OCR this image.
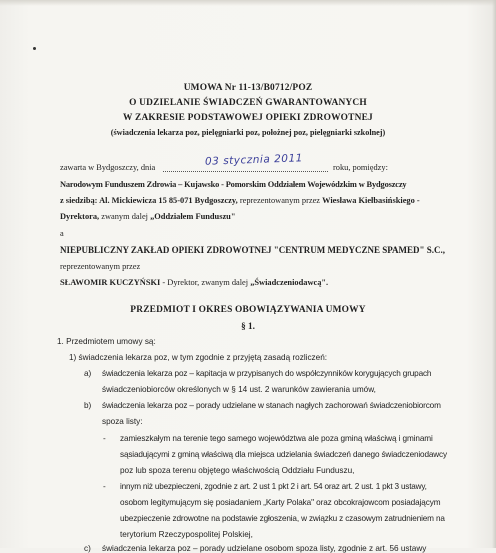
UMOWA Nr 11-13/B0712/POZ
O UDZIELANIE ŚWIADCZEŃ GWARANTOWANYCH
W ZAKRESIE PODSTAWOWEJ OPIEKI ZDROWOTNEJ
(świadczenia lekarza poz, pielęgniarki poz, położnej poz, pielęgniarki szkolnej)
zawarta w Bydgoszczy, dnia	03 stycznia 2011	roku, pomiędzy:
Narodowym Funduszem Zdrowia – Kujawsko - Pomorskim Oddziałem Wojewódzkim w Bydgoszczy
z siedzibą: Al. Mickiewicza 15 85-071 Bydgoszczy, reprezentowanym przez Wiesława Kiełbasińskiego -
Dyrektora, zwanym dalej „Oddziałem Funduszu"
a
NIEPUBLICZNY ZAKŁAD OPIEKI ZDROWOTNEJ "CENTRUM MEDYCZNE SPAMED" S.C.,
reprezentowanym przez
SŁAWOMIR KUCZYŃSKI - Dyrektor, zwanym dalej „Świadczeniodawcą".
PRZEDMIOT I OKRES OBOWIĄZYWANIA UMOWY
§ 1.
1. Przedmiotem umowy są:
1) świadczenia lekarza poz, w tym zgodnie z przyjętą zasadą rozliczeń:
a) świadczenia lekarza poz – kapitacja w przypisanych do współczynników korygujących grupach
świadczeniobiorców określonych w § 14 ust. 2 warunków zawierania umów,
b) świadczenia lekarza poz – porady udzielane w stanach nagłych zachorowań świadczeniobiorcom
spoza listy:
- zamieszkałym na terenie tego samego województwa ale poza gminą właściwą i gminami
sąsiadującymi z gminą właściwą dla miejsca udzielania świadczeń danego świadczeniodawcy
poz lub spoza terenu objętego właściwością Oddziału Funduszu,
- innym niż ubezpieczeni, zgodnie z art. 2 ust 1 pkt 2 i art. 54 oraz art. 2 ust. 1 pkt 3 ustawy,
osobom legitymującym się posiadaniem „Karty Polaka" oraz obcokrajowcom posiadającym
ubezpieczenie zdrowotne na podstawie zgłoszenia, w związku z czasowym zatrudnieniem na
terytorium Rzeczypospolitej Polskiej,
c) świadczenia lekarza poz – porady udzielane osobom spoza listy, zgodnie z art. 56 ustawy
